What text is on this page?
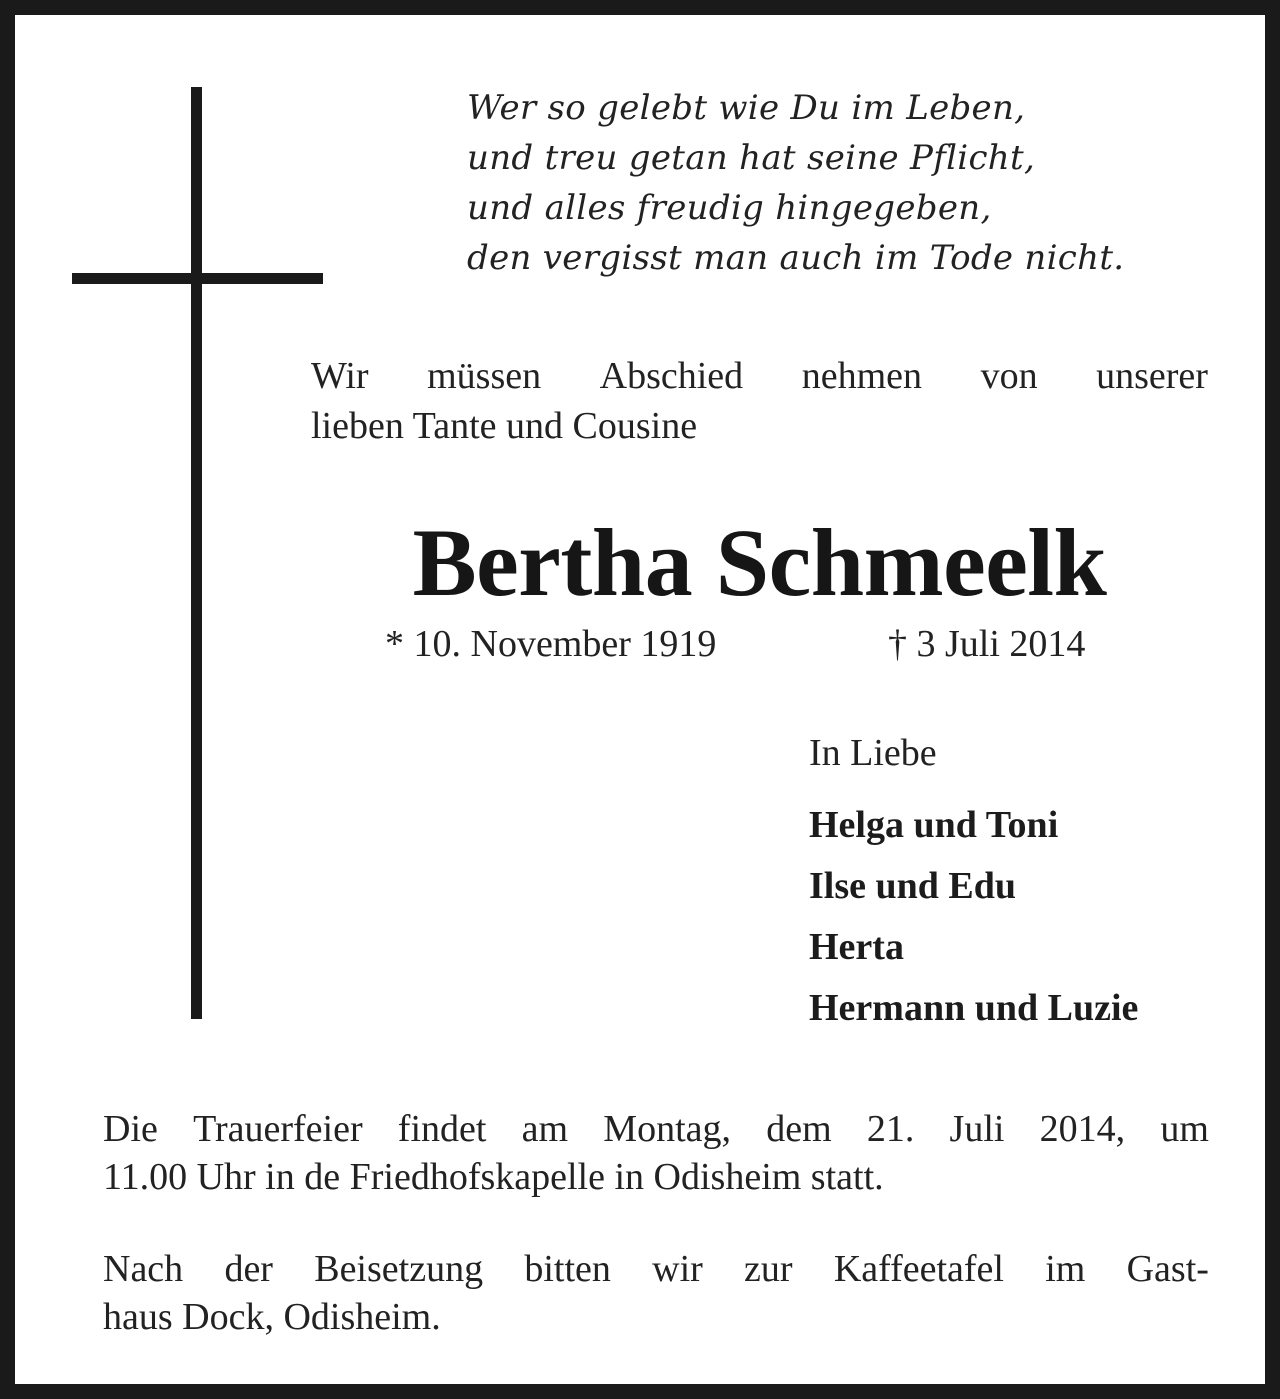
Wer so gelebt wie Du im Leben,
und treu getan hat seine Pflicht,
und alles freudig hingegeben,
den vergisst man auch im Tode nicht.
Wir müssen Abschied nehmen von unserer
lieben Tante und Cousine
Bertha Schmeelk
* 10. November 1919	† 3 Juli 2014
In Liebe
Helga und Toni
Ilse und Edu
Herta
Hermann und Luzie
Die Trauerfeier findet am Montag, dem 21. Juli 2014, um
11.00 Uhr in de Friedhofskapelle in Odisheim statt.
Nach der Beisetzung bitten wir zur Kaffeetafel im Gast-
haus Dock, Odisheim.
